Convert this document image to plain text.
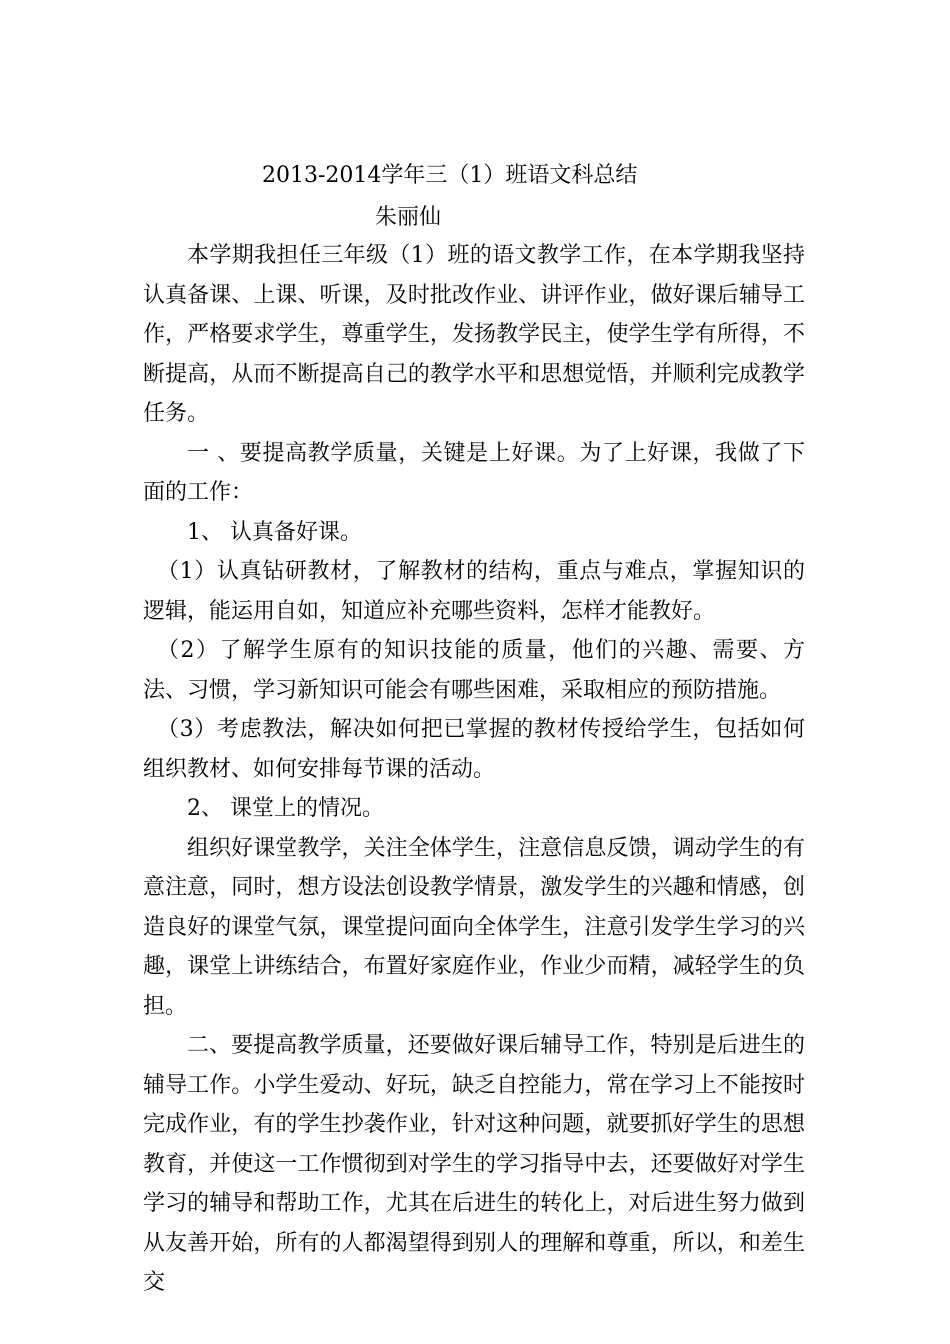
2013-2014学年三（1）班语文科总结
朱丽仙

本学期我担任三年级（1）班的语文教学工作，在本学期我坚持认真备课、上课、听课，及时批改作业、讲评作业，做好课后辅导工作，严格要求学生，尊重学生，发扬教学民主，使学生学有所得，不断提高，从而不断提高自己的教学水平和思想觉悟，并顺利完成教学任务。

一 、要提高教学质量，关键是上好课。为了上好课，我做了下面的工作：

1、 认真备好课。

（1）认真钻研教材，了解教材的结构，重点与难点，掌握知识的逻辑，能运用自如，知道应补充哪些资料，怎样才能教好。

（2）了解学生原有的知识技能的质量，他们的兴趣、需要、方法、习惯，学习新知识可能会有哪些困难，采取相应的预防措施。

（3）考虑教法，解决如何把已掌握的教材传授给学生，包括如何组织教材、如何安排每节课的活动。

2、 课堂上的情况。

组织好课堂教学，关注全体学生，注意信息反馈，调动学生的有意注意，同时，想方设法创设教学情景，激发学生的兴趣和情感，创造良好的课堂气氛，课堂提问面向全体学生，注意引发学生学习的兴趣，课堂上讲练结合，布置好家庭作业，作业少而精，减轻学生的负担。

二、要提高教学质量，还要做好课后辅导工作，特别是后进生的辅导工作。小学生爱动、好玩，缺乏自控能力，常在学习上不能按时完成作业，有的学生抄袭作业，针对这种问题，就要抓好学生的思想教育，并使这一工作惯彻到对学生的学习指导中去，还要做好对学生学习的辅导和帮助工作，尤其在后进生的转化上，对后进生努力做到从友善开始，所有的人都渴望得到别人的理解和尊重，所以，和差生交
